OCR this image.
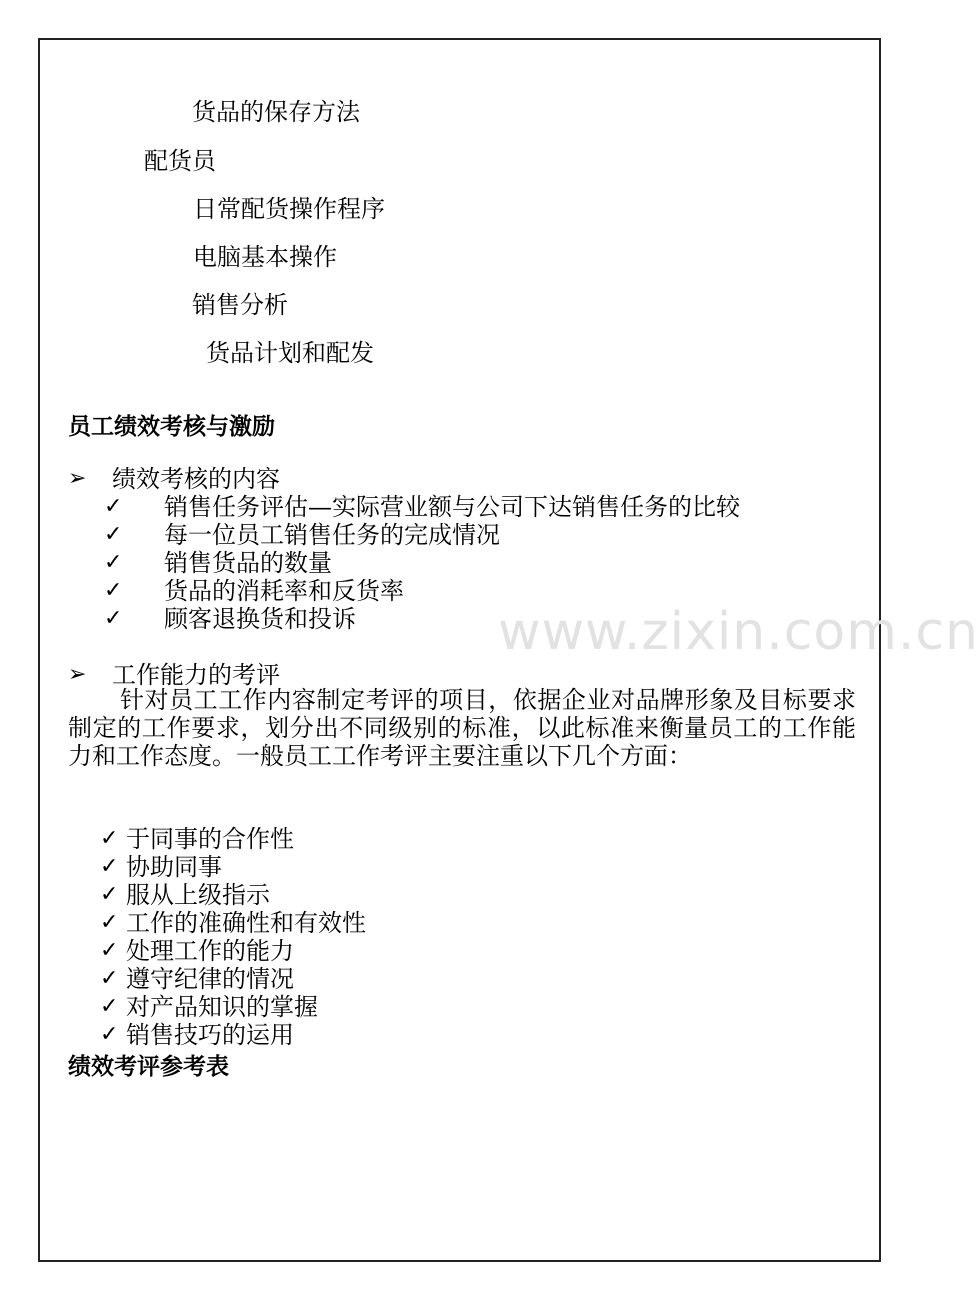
货品的保存方法
配货员
日常配货操作程序
电脑基本操作
销售分析
货品计划和配发
员工绩效考核与激励
➢ 绩效考核的内容
✓ 销售任务评估—实际营业额与公司下达销售任务的比较
✓ 每一位员工销售任务的完成情况
✓ 销售货品的数量
✓ 货品的消耗率和反货率
✓ 顾客退换货和投诉	www.zixin.com.cn
➢ 工作能力的考评
针对员工工作内容制定考评的项目，依据企业对品牌形象及目标要求制定的工作要求，划分出不同级别的标准，以此标准来衡量员工的工作能力和工作态度。一般员工工作考评主要注重以下几个方面：
✓ 于同事的合作性
✓ 协助同事
✓ 服从上级指示
✓ 工作的准确性和有效性
✓ 处理工作的能力
✓ 遵守纪律的情况
✓ 对产品知识的掌握
✓ 销售技巧的运用
绩效考评参考表
